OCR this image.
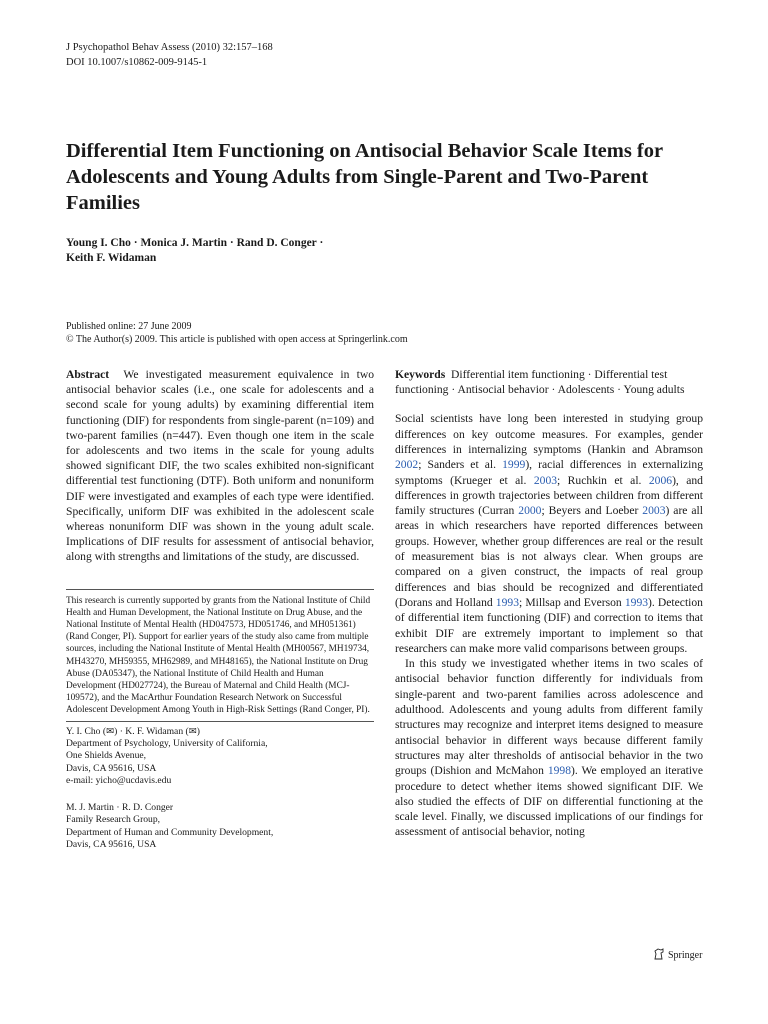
J Psychopathol Behav Assess (2010) 32:157–168
DOI 10.1007/s10862-009-9145-1
Differential Item Functioning on Antisocial Behavior Scale Items for Adolescents and Young Adults from Single-Parent and Two-Parent Families
Young I. Cho · Monica J. Martin · Rand D. Conger ·
Keith F. Widaman
Published online: 27 June 2009
© The Author(s) 2009. This article is published with open access at Springerlink.com

Abstract We investigated measurement equivalence in two antisocial behavior scales (i.e., one scale for adolescents and a second scale for young adults) by examining differential item functioning (DIF) for respondents from single-parent (n=109) and two-parent families (n=447). Even though one item in the scale for adolescents and two items in the scale for young adults showed significant DIF, the two scales exhibited non-significant differential test functioning (DTF). Both uniform and nonuniform DIF were investigated and examples of each type were identified. Specifically, uniform DIF was exhibited in the adolescent scale whereas nonuniform DIF was shown in the young adult scale. Implications of DIF results for assessment of antisocial behavior, along with strengths and limitations of the study, are discussed.

This research is currently supported by grants from the National Institute of Child Health and Human Development, the National Institute on Drug Abuse, and the National Institute of Mental Health (HD047573, HD051746, and MH051361) (Rand Conger, PI). Support for earlier years of the study also came from multiple sources, including the National Institute of Mental Health (MH00567, MH19734, MH43270, MH59355, MH62989, and MH48165), the National Institute on Drug Abuse (DA05347), the National Institute of Child Health and Human Development (HD027724), the Bureau of Maternal and Child Health (MCJ-109572), and the MacArthur Foundation Research Network on Successful Adolescent Development Among Youth in High-Risk Settings (Rand Conger, PI).

Y. I. Cho (✉) · K. F. Widaman (✉)

Department of Psychology, University of California,

One Shields Avenue,

Davis, CA 95616, USA

e-mail: yicho@ucdavis.edu

M. J. Martin · R. D. Conger

Family Research Group,

Department of Human and Community Development,

Davis, CA 95616, USA

Keywords Differential item functioning · Differential test functioning · Antisocial behavior · Adolescents · Young adults

Social scientists have long been interested in studying group differences on key outcome measures. For examples, gender differences in internalizing symptoms (Hankin and Abramson 2002; Sanders et al. 1999), racial differences in externalizing symptoms (Krueger et al. 2003; Ruchkin et al. 2006), and differences in growth trajectories between children from different family structures (Curran 2000; Beyers and Loeber 2003) are all areas in which researchers have reported differences between groups. However, whether group differences are real or the result of measurement bias is not always clear. When groups are compared on a given construct, the impacts of real group differences and bias should be recognized and differentiated (Dorans and Holland 1993; Millsap and Everson 1993). Detection of differential item functioning (DIF) and correction to items that exhibit DIF are extremely important to implement so that researchers can make more valid comparisons between groups.

In this study we investigated whether items in two scales of antisocial behavior function differently for individuals from single-parent and two-parent families across adolescence and adulthood. Adolescents and young adults from different family structures may recognize and interpret items designed to measure antisocial behavior in different ways because different family structures may alter thresholds of antisocial behavior in the two groups (Dishion and McMahon 1998). We employed an iterative procedure to detect whether items showed significant DIF. We also studied the effects of DIF on differential functioning at the scale level. Finally, we discussed implications of our findings for assessment of antisocial behavior, noting

Springer
